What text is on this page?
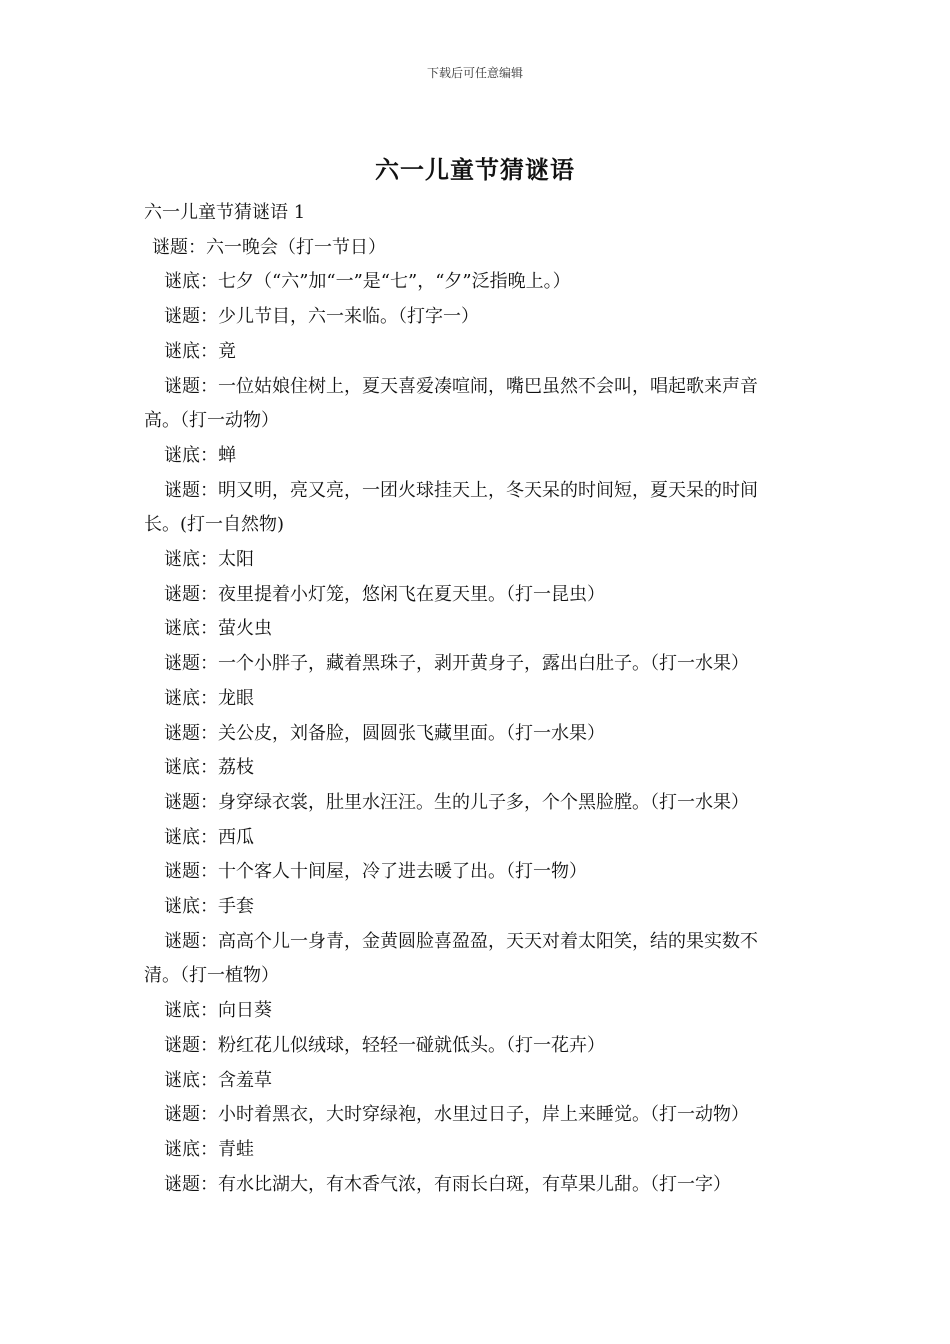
下载后可任意编辑
六一儿童节猜谜语
六一儿童节猜谜语 1
谜题：六一晚会（打一节日）
谜底：七夕（“六”加“一”是“七”，“夕”泛指晚上。）
谜题：少儿节目，六一来临。（打字一）
谜底：竟
谜题：一位姑娘住树上，夏天喜爱凑喧闹，嘴巴虽然不会叫，唱起歌来声音
高。（打一动物）
谜底：蝉
谜题：明又明，亮又亮，一团火球挂天上，冬天呆的时间短，夏天呆的时间
长。(打一自然物)
谜底：太阳
谜题：夜里提着小灯笼，悠闲飞在夏天里。（打一昆虫）
谜底：萤火虫
谜题：一个小胖子，藏着黑珠子，剥开黄身子，露出白肚子。（打一水果）
谜底：龙眼
谜题：关公皮，刘备脸，圆圆张飞藏里面。（打一水果）
谜底：荔枝
谜题：身穿绿衣裳，肚里水汪汪。生的儿子多，个个黑脸膛。（打一水果）
谜底：西瓜
谜题：十个客人十间屋，冷了进去暖了出。（打一物）
谜底：手套
谜题：高高个儿一身青，金黄圆脸喜盈盈，天天对着太阳笑，结的果实数不
清。（打一植物）
谜底：向日葵
谜题：粉红花儿似绒球，轻轻一碰就低头。（打一花卉）
谜底：含羞草
谜题：小时着黑衣，大时穿绿袍，水里过日子，岸上来睡觉。（打一动物）
谜底：青蛙
谜题：有水比湖大，有木香气浓，有雨长白斑，有草果儿甜。（打一字）
